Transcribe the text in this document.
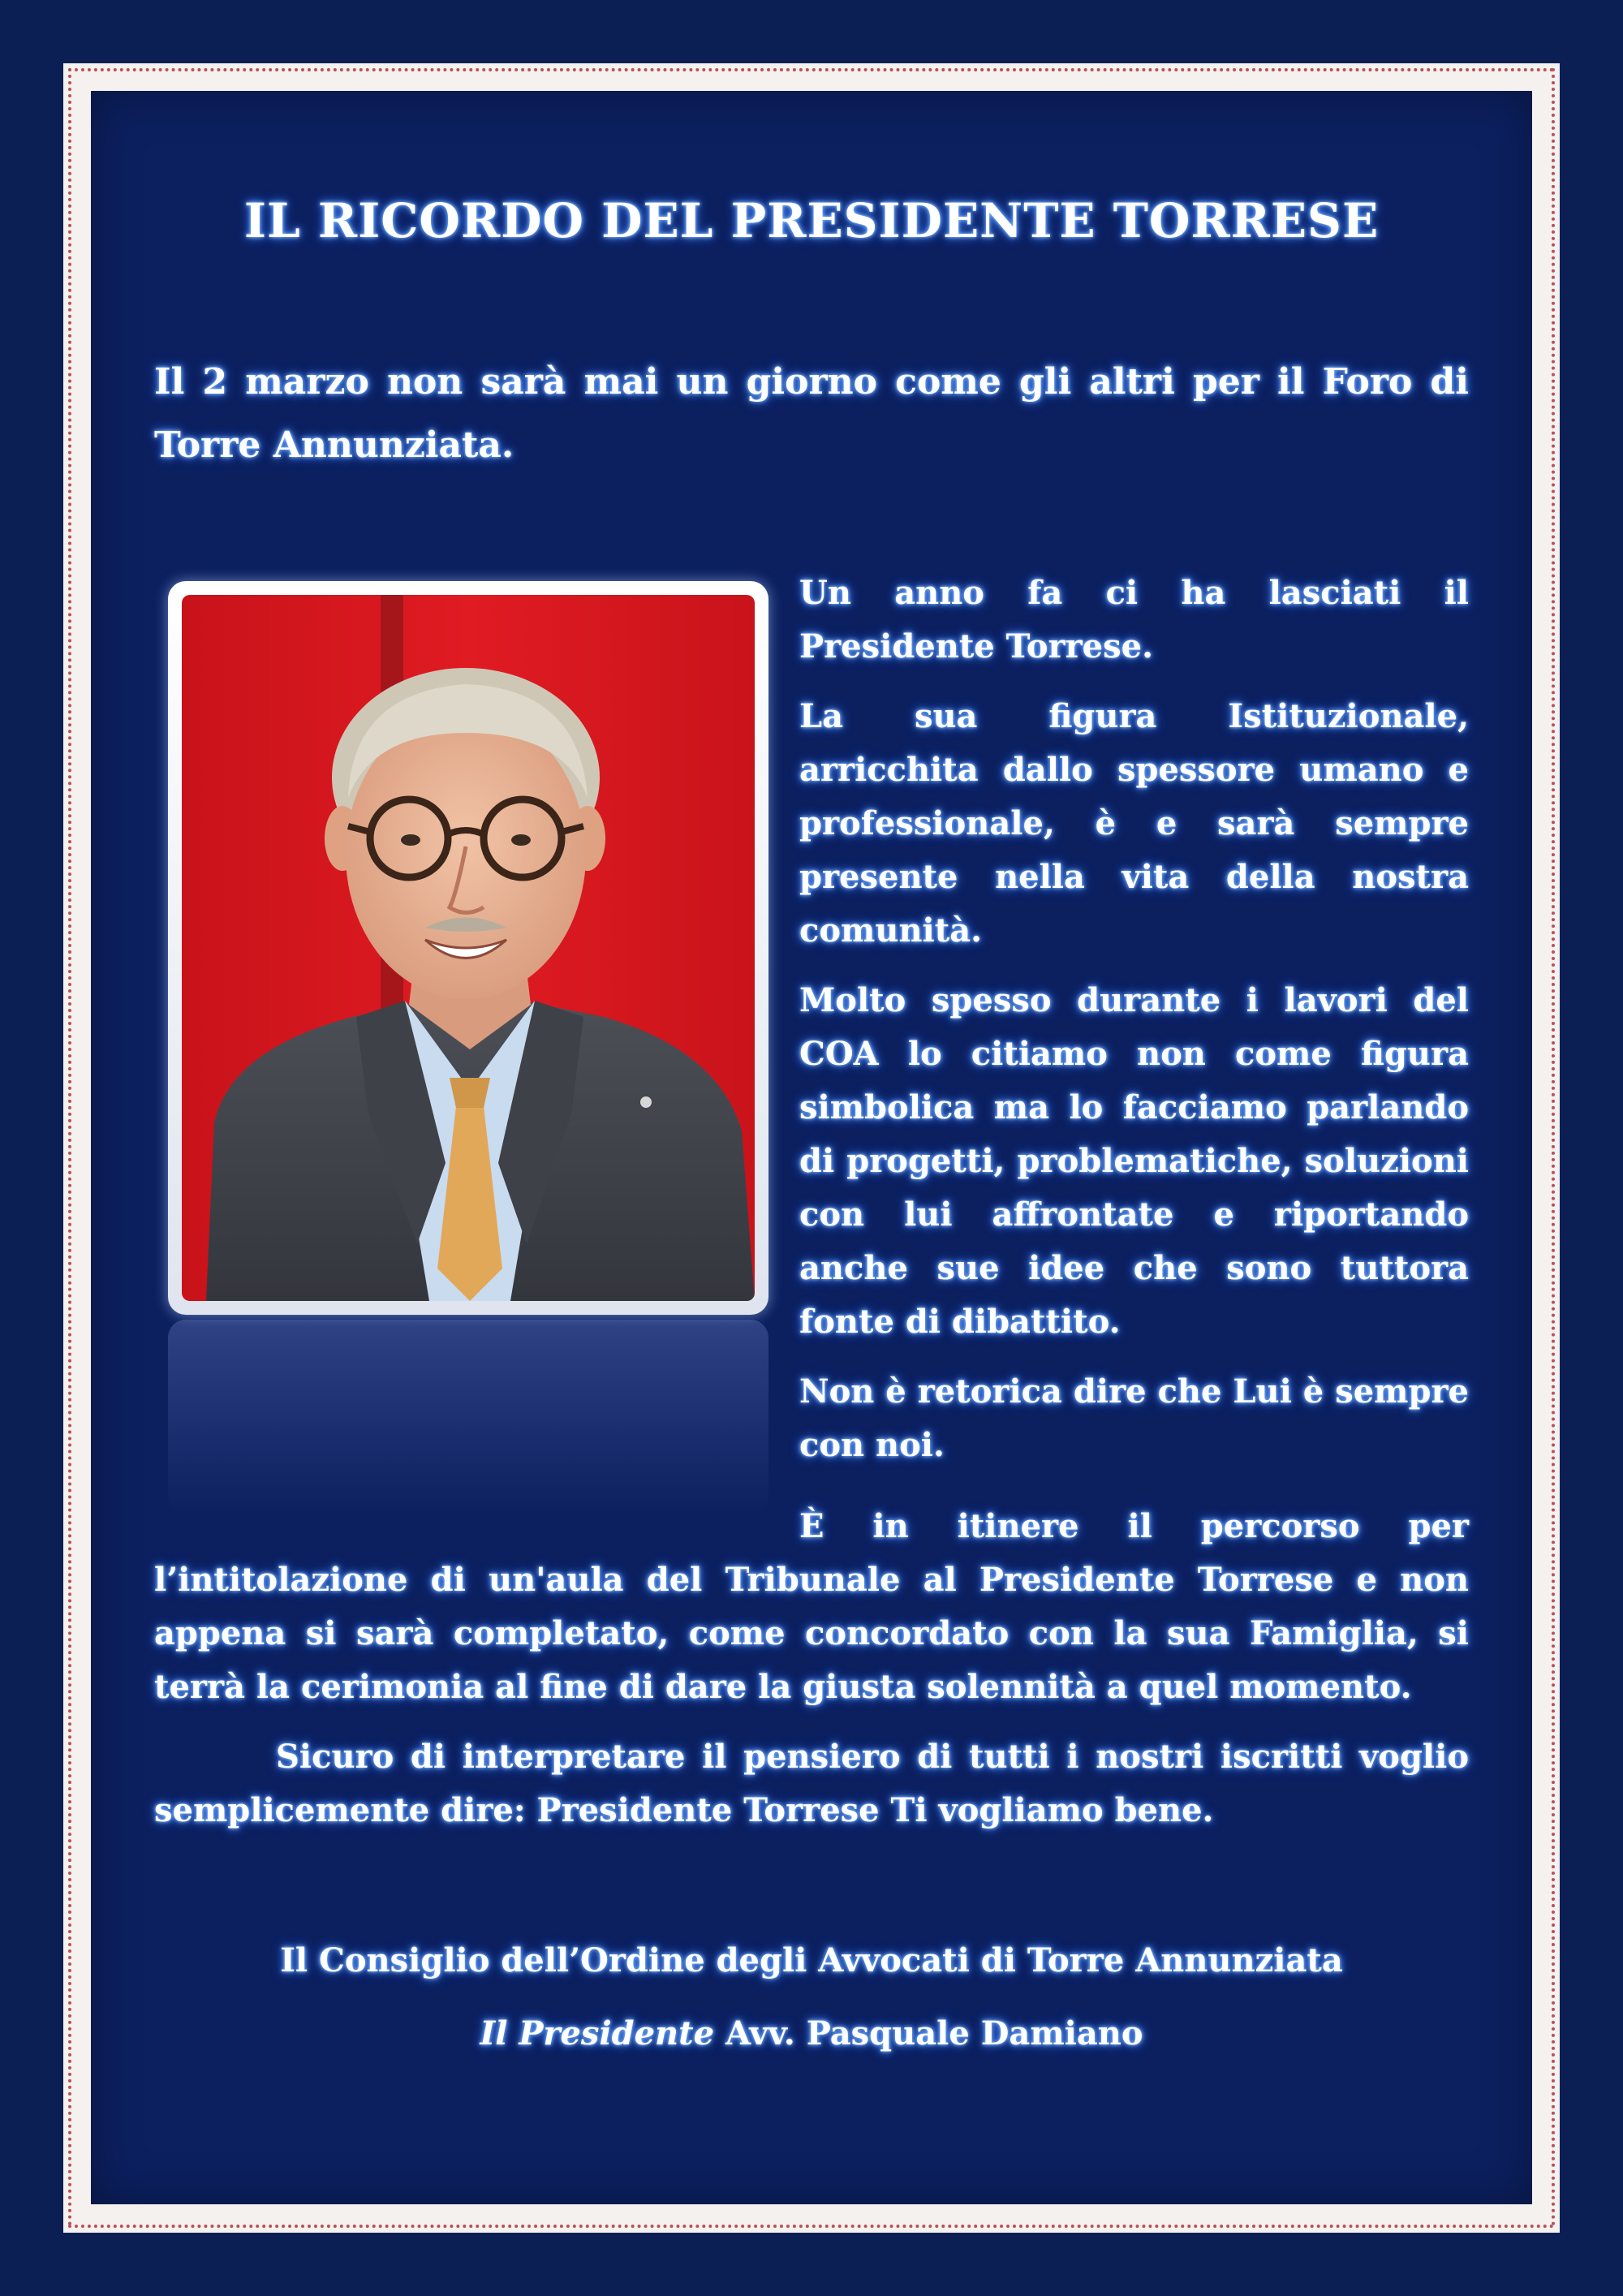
IL RICORDO DEL PRESIDENTE TORRESE

Il 2 marzo non sarà mai un giorno come gli altri per il Foro di Torre Annunziata.

Un anno fa ci ha lasciati il Presidente Torrese.

La sua figura Istituzionale, arricchita dallo spessore umano e professionale, è e sarà sempre presente nella vita della nostra comunità.

Molto spesso durante i lavori del COA lo citiamo non come figura simbolica ma lo facciamo parlando di progetti, problematiche, soluzioni con lui affrontate e riportando anche sue idee che sono tuttora fonte di dibattito.

Non è retorica dire che Lui è sempre con noi.

È in itinere il percorso per l’intitolazione di un'aula del Tribunale al Presidente Torrese e non appena si sarà completato, come concordato con la sua Famiglia, si terrà la cerimonia al fine di dare la giusta solennità a quel momento.

Sicuro di interpretare il pensiero di tutti i nostri iscritti voglio semplicemente dire: Presidente Torrese Ti vogliamo bene.

Il Consiglio dell’Ordine degli Avvocati di Torre Annunziata
Il Presidente Avv. Pasquale Damiano
